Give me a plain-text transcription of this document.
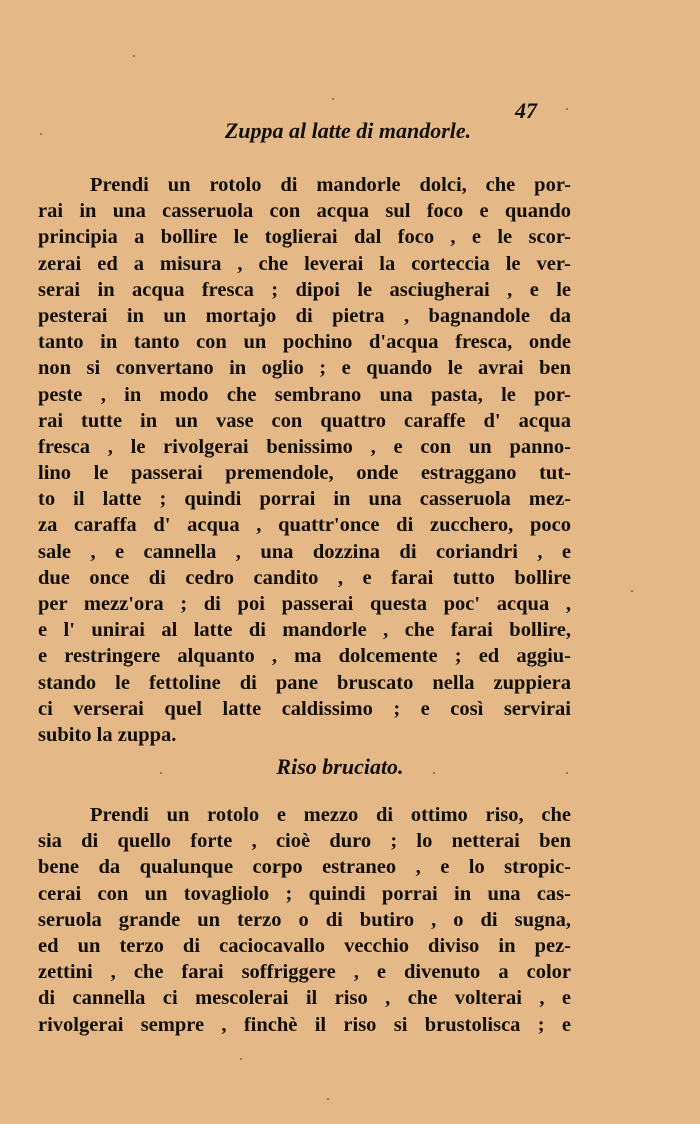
47
Zuppa al latte di mandorle.
Prendi un rotolo di mandorle dolci, che por-
rai in una casseruola con acqua sul foco e quando
principia a bollire le toglierai dal foco , e le scor-
zerai ed a misura , che leverai la corteccia le ver-
serai in acqua fresca ; dipoi le asciugherai , e le
pesterai in un mortajo di pietra , bagnandole da
tanto in tanto con un pochino d'acqua fresca, onde
non si convertano in oglio ; e quando le avrai ben
peste , in modo che sembrano una pasta, le por-
rai tutte in un vase con quattro caraffe d' acqua
fresca , le rivolgerai benissimo , e con un panno-
lino le passerai premendole, onde estraggano tut-
to il latte ; quindi porrai in una casseruola mez-
za caraffa d' acqua , quattr'once di zucchero, poco
sale , e cannella , una dozzina di coriandri , e
due once di cedro candito , e farai tutto bollire
per mezz'ora ; di poi passerai questa poc' acqua ,
e l' unirai al latte di mandorle , che farai bollire,
e restringere alquanto , ma dolcemente ; ed aggiu-
stando le fettoline di pane bruscato nella zuppiera
ci verserai quel latte caldissimo ; e così servirai
subito la zuppa.
Riso bruciato.
Prendi un rotolo e mezzo di ottimo riso, che
sia di quello forte , cioè duro ; lo netterai ben
bene da qualunque corpo estraneo , e lo stropic-
cerai con un tovagliolo ; quindi porrai in una cas-
seruola grande un terzo o di butiro , o di sugna,
ed un terzo di caciocavallo vecchio diviso in pez-
zettini , che farai soffriggere , e divenuto a color
di cannella ci mescolerai il riso , che volterai , e
rivolgerai sempre , finchè il riso si brustolisca ; e
